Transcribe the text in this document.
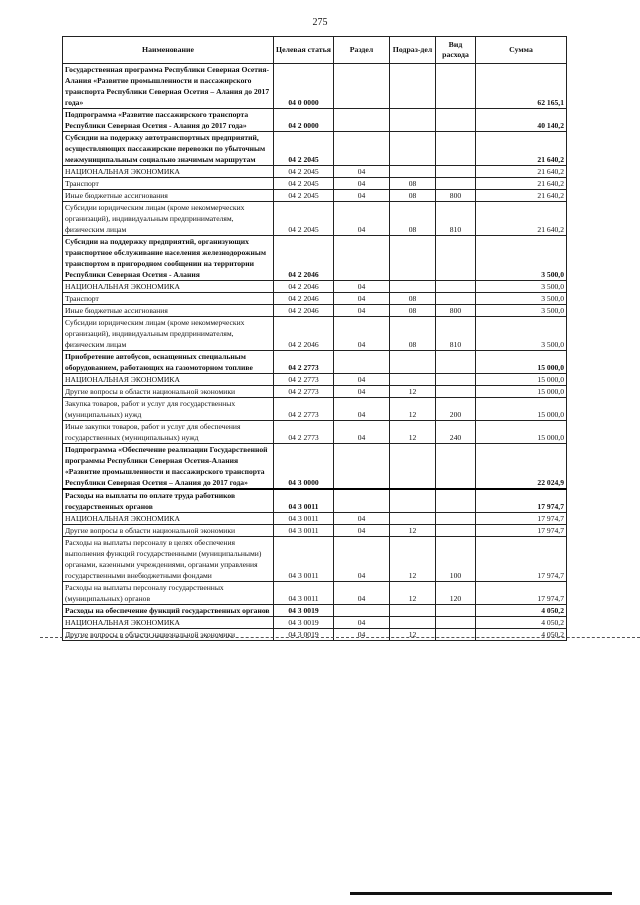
275
Наименование	Целевая статья	Раздел	Подраз-дел	Вид расхода	Сумма
Государственная программа Республики Северная Осетия-Алания «Развитие промышленности и пассажирского транспорта Республики Северная Осетия – Алания до 2017 года»	04 0 0000				62 165,1
Подпрограмма «Развитие пассажирского транспорта Республики Северная Осетия - Алания до 2017 года»	04 2 0000				40 140,2
Субсидии на подержку автотранспортных предприятий, осуществляющих пассажирские перевозки по убыточным межмуниципальным социально значимым маршрутам	04 2 2045				21 640,2
НАЦИОНАЛЬНАЯ ЭКОНОМИКА	04 2 2045	04			21 640,2
Транспорт	04 2 2045	04	08		21 640,2
Иные бюджетные ассигнования	04 2 2045	04	08	800	21 640,2
Субсидии юридическим лицам (кроме некоммерческих организаций), индивидуальным предпринимателям, физическим лицам	04 2 2045	04	08	810	21 640,2
Субсидии на поддержку предприятий, организующих транспортное обслуживание населения железнодорожным транспортом в пригородном сообщении на территории Республики Северная Осетия - Алания	04 2 2046				3 500,0
НАЦИОНАЛЬНАЯ ЭКОНОМИКА	04 2 2046	04			3 500,0
Транспорт	04 2 2046	04	08		3 500,0
Иные бюджетные ассигнования	04 2 2046	04	08	800	3 500,0
Субсидии юридическим лицам (кроме некоммерческих организаций), индивидуальным предпринимателям, физическим лицам	04 2 2046	04	08	810	3 500,0
Приобретение автобусов, оснащенных специальным оборудованием, работающих на газомоторном топливе	04 2 2773				15 000,0
НАЦИОНАЛЬНАЯ ЭКОНОМИКА	04 2 2773	04			15 000,0
Другие вопросы в области национальной экономики	04 2 2773	04	12		15 000,0
Закупка товаров, работ и услуг для государственных (муниципальных) нужд	04 2 2773	04	12	200	15 000,0
Иные закупки товаров, работ и услуг для обеспечения государственных (муниципальных) нужд	04 2 2773	04	12	240	15 000,0
Подпрограмма «Обеспечение реализации Государственной программы Республики Северная Осетия-Алания «Развитие промышленности и пассажирского транспорта Республики Северная Осетия – Алания до 2017 года»	04 3 0000				22 024,9
Расходы на выплаты по оплате труда работников государственных органов	04 3 0011				17 974,7
НАЦИОНАЛЬНАЯ ЭКОНОМИКА	04 3 0011	04			17 974,7
Другие вопросы в области национальной экономики	04 3 0011	04	12		17 974,7
Расходы на выплаты персоналу в целях обеспечения выполнения функций государственными (муниципальными) органами, казенными учреждениями, органами управления государственными внебюджетными фондами	04 3 0011	04	12	100	17 974,7
Расходы на выплаты персоналу государственных (муниципальных) органов	04 3 0011	04	12	120	17 974,7
Расходы на обеспечение функций государственных органов	04 3 0019				4 050,2
НАЦИОНАЛЬНАЯ ЭКОНОМИКА	04 3 0019	04			4 050,2
Другие вопросы в области национальной экономики	04 3 0019	04	12		4 050,2
